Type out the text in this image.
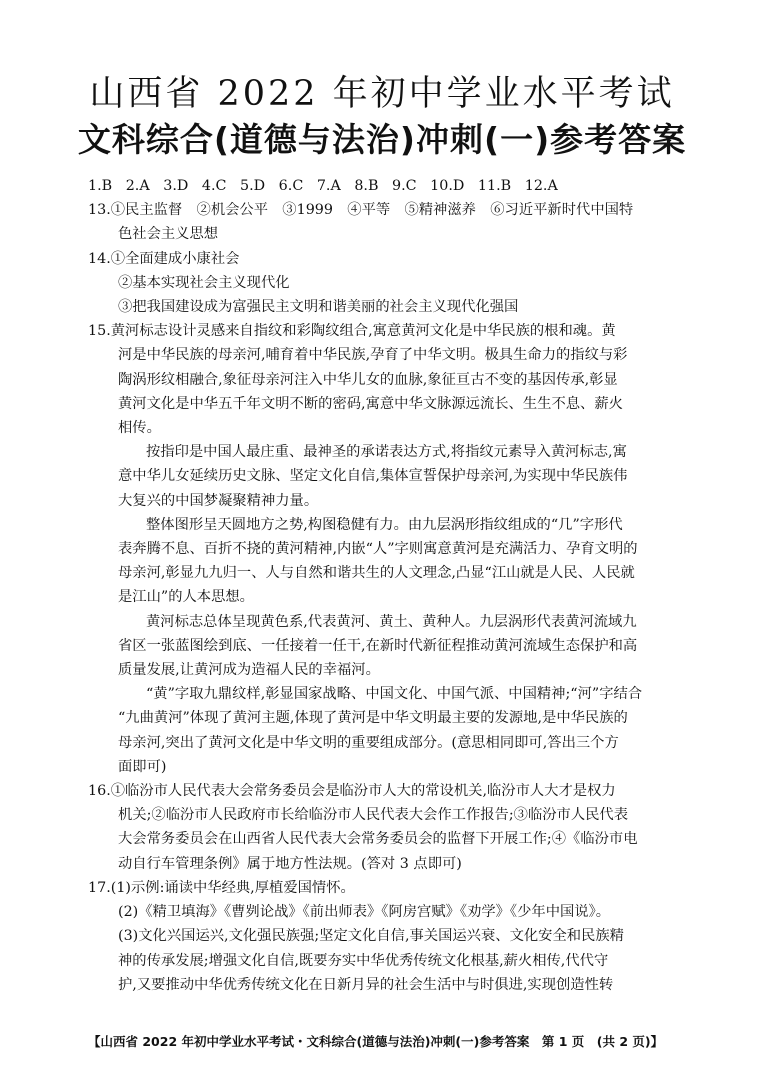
山西省 2022 年初中学业水平考试
文科综合(道德与法治)冲刺(一)参考答案
1.B 2.A 3.D 4.C 5.D 6.C 7.A 8.B 9.C 10.D 11.B 12.A
13.①民主监督　②机会公平　③1999　④平等　⑤精神滋养　⑥习近平新时代中国特
色社会主义思想
14.①全面建成小康社会
②基本实现社会主义现代化
③把我国建设成为富强民主文明和谐美丽的社会主义现代化强国
15.黄河标志设计灵感来自指纹和彩陶纹组合,寓意黄河文化是中华民族的根和魂。黄
河是中华民族的母亲河,哺育着中华民族,孕育了中华文明。极具生命力的指纹与彩
陶涡形纹相融合,象征母亲河注入中华儿女的血脉,象征亘古不变的基因传承,彰显
黄河文化是中华五千年文明不断的密码,寓意中华文脉源远流长、生生不息、薪火
相传。
按指印是中国人最庄重、最神圣的承诺表达方式,将指纹元素导入黄河标志,寓
意中华儿女延续历史文脉、坚定文化自信,集体宣誓保护母亲河,为实现中华民族伟
大复兴的中国梦凝聚精神力量。
整体图形呈天圆地方之势,构图稳健有力。由九层涡形指纹组成的“几”字形代
表奔腾不息、百折不挠的黄河精神,内嵌“人”字则寓意黄河是充满活力、孕育文明的
母亲河,彰显九九归一、人与自然和谐共生的人文理念,凸显“江山就是人民、人民就
是江山”的人本思想。
黄河标志总体呈现黄色系,代表黄河、黄土、黄种人。九层涡形代表黄河流域九
省区一张蓝图绘到底、一任接着一任干,在新时代新征程推动黄河流域生态保护和高
质量发展,让黄河成为造福人民的幸福河。
“黄”字取九鼎纹样,彰显国家战略、中国文化、中国气派、中国精神;“河”字结合
“九曲黄河”体现了黄河主题,体现了黄河是中华文明最主要的发源地,是中华民族的
母亲河,突出了黄河文化是中华文明的重要组成部分。(意思相同即可,答出三个方
面即可)
16.①临汾市人民代表大会常务委员会是临汾市人大的常设机关,临汾市人大才是权力
机关;②临汾市人民政府市长给临汾市人民代表大会作工作报告;③临汾市人民代表
大会常务委员会在山西省人民代表大会常务委员会的监督下开展工作;④《临汾市电
动自行车管理条例》属于地方性法规。(答对 3 点即可)
17.(1)示例:诵读中华经典,厚植爱国情怀。
(2)《精卫填海》《曹刿论战》《前出师表》《阿房宫赋》《劝学》《少年中国说》。
(3)文化兴国运兴,文化强民族强;坚定文化自信,事关国运兴衰、文化安全和民族精
神的传承发展;增强文化自信,既要夯实中华优秀传统文化根基,薪火相传,代代守
护,又要推动中华优秀传统文化在日新月异的社会生活中与时俱进,实现创造性转
【山西省 2022 年初中学业水平考试・文科综合(道德与法治)冲刺(一)参考答案　第 1 页　(共 2 页)】
